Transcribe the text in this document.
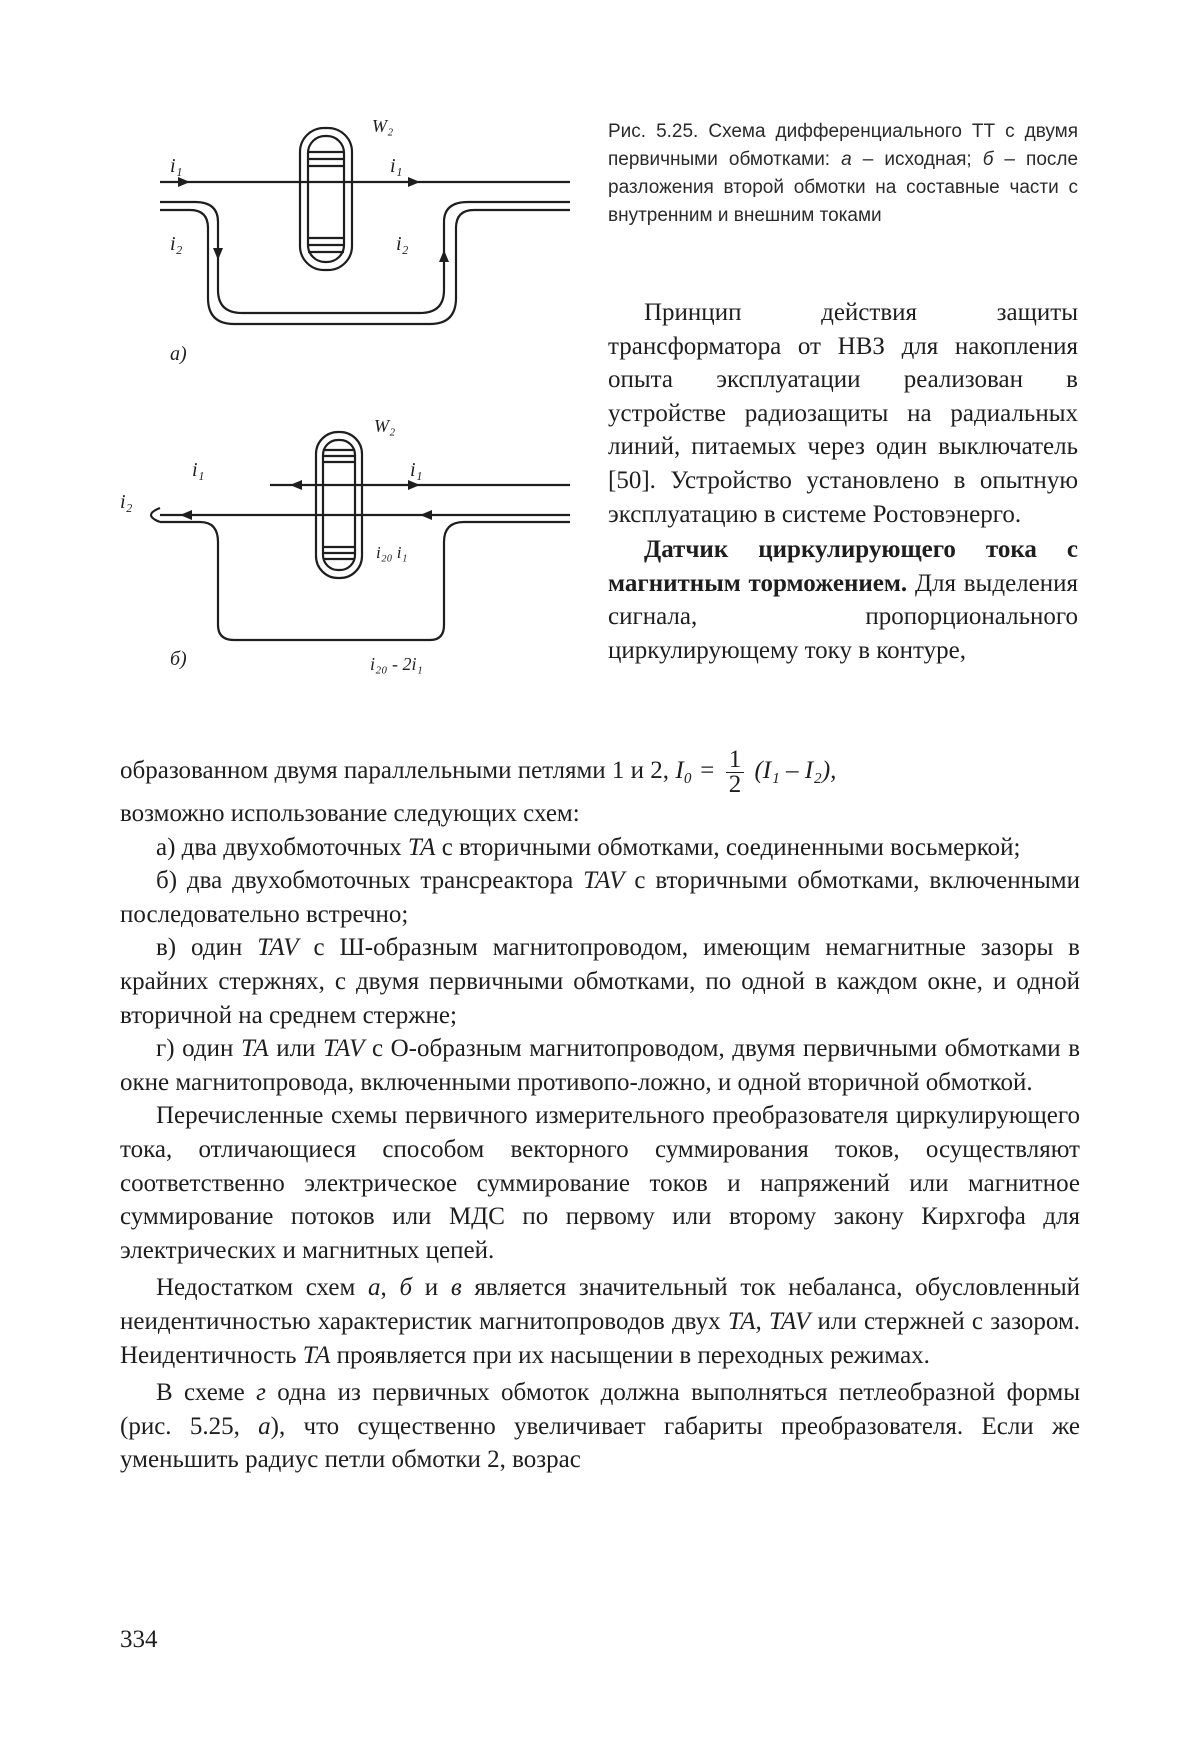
W₂
i₁	i₁
i₂	i₂
а)
W₂
i₁	i₁
i₂
i₂₀ i₁
б)	i₂₀ - 2i₁
Рис. 5.25. Схема дифференциального ТТ с двумя первичными обмотками: а – исходная; б – после разложения второй обмотки на составные части с внутренним и внешним токами

Принцип действия защиты трансформатора от НВЗ для накопления опыта эксплуатации реализован в устройстве радиозащиты на радиальных линий, питаемых через один выключатель [50]. Устройство установлено в опытную эксплуатацию в системе Ростовэнерго.

Датчик циркулирующего тока с магнитным торможением. Для выделения сигнала, пропорционального циркулирующему току в контуре,

образованном двумя параллельными петлями 1 и 2, $I_0 = \frac{1}{2} (I_1 - I_2)$,

возможно использование следующих схем:

а) два двухобмоточных ТА с вторичными обмотками, соединенными восьмеркой;

б) два двухобмоточных трансреактора TAV с вторичными обмотками, включенными последовательно встречно;

в) один TAV с Ш-образным магнитопроводом, имеющим немагнитные зазоры в крайних стержнях, с двумя первичными обмотками, по одной в каждом окне, и одной вторичной на среднем стержне;

г) один ТА или TAV с О-образным магнитопроводом, двумя первичными обмотками в окне магнитопровода, включенными противопо-ложно, и одной вторичной обмоткой.

Перечисленные схемы первичного измерительного преобразователя циркулирующего тока, отличающиеся способом векторного суммирования токов, осуществляют соответственно электрическое суммирование токов и напряжений или магнитное суммирование потоков или МДС по первому или второму закону Кирхгофа для электрических и магнитных цепей.

Недостатком схем а, б и в является значительный ток небаланса, обусловленный неидентичностью характеристик магнитопроводов двух ТА, TAV или стержней с зазором. Неидентичность ТА проявляется при их насыщении в переходных режимах.

В схеме г одна из первичных обмоток должна выполняться петлеобразной формы (рис. 5.25, а), что существенно увеличивает габариты преобразователя. Если же уменьшить радиус петли обмотки 2, возрас

334
